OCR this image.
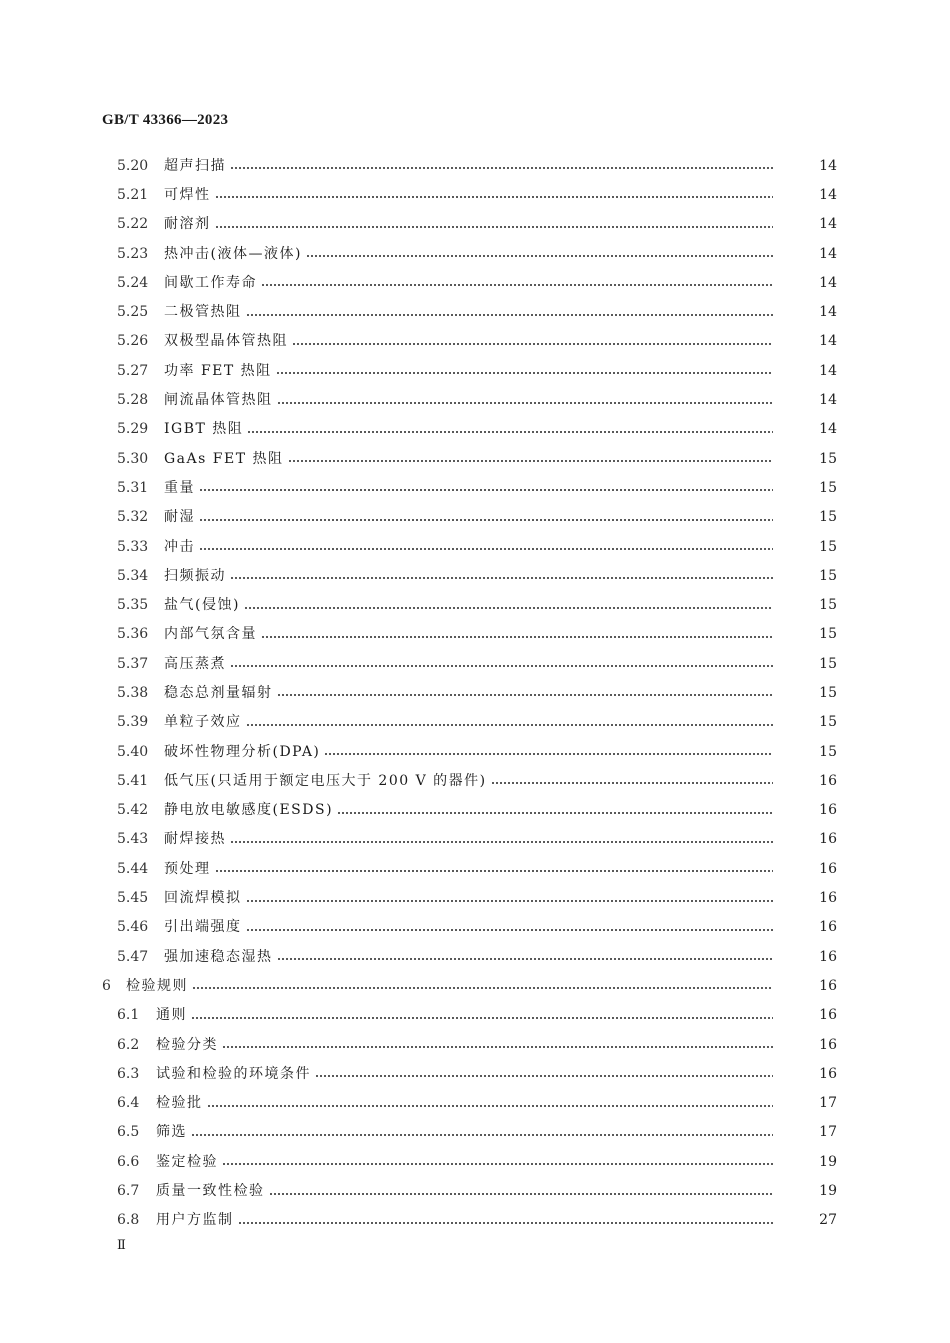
GB/T 43366—2023
5.20 超声扫描	14
5.21 可焊性	14
5.22 耐溶剂	14
5.23 热冲击(液体—液体)	14
5.24 间歇工作寿命	14
5.25 二极管热阻	14
5.26 双极型晶体管热阻	14
5.27 功率 FET 热阻	14
5.28 闸流晶体管热阻	14
5.29 IGBT 热阻	14
5.30 GaAs FET 热阻	15
5.31 重量	15
5.32 耐湿	15
5.33 冲击	15
5.34 扫频振动	15
5.35 盐气(侵蚀)	15
5.36 内部气氛含量	15
5.37 高压蒸煮	15
5.38 稳态总剂量辐射	15
5.39 单粒子效应	15
5.40 破坏性物理分析(DPA)	15
5.41 低气压(只适用于额定电压大于 200 V 的器件)	16
5.42 静电放电敏感度(ESDS)	16
5.43 耐焊接热	16
5.44 预处理	16
5.45 回流焊模拟	16
5.46 引出端强度	16
5.47 强加速稳态湿热	16
6 检验规则	16
6.1 通则	16
6.2 检验分类	16
6.3 试验和检验的环境条件	16
6.4 检验批	17
6.5 筛选	17
6.6 鉴定检验	19
6.7 质量一致性检验	19
6.8 用户方监制	27
Ⅱ
